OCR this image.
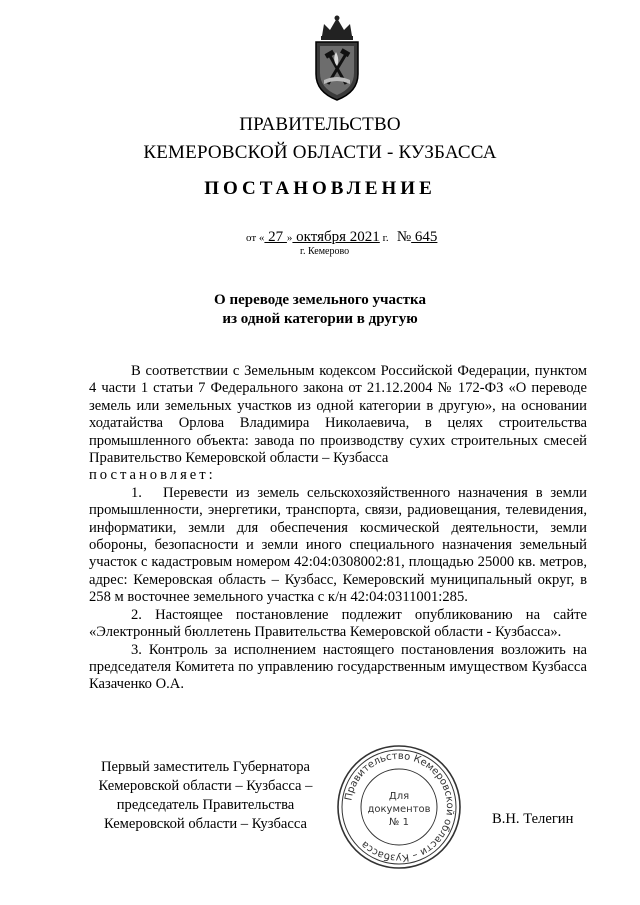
ПРАВИТЕЛЬСТВО
КЕМЕРОВСКОЙ ОБЛАСТИ - КУЗБАССА
ПОСТАНОВЛЕНИЕ
от « 27 » октября 2021 г. № 645
г. Кемерово
О переводе земельного участка
из одной категории в другую

В соответствии с Земельным кодексом Российской Федерации, пунктом 4 части 1 статьи 7 Федерального закона от 21.12.2004 № 172-ФЗ «О переводе земель или земельных участков из одной категории в другую», на основании ходатайства Орлова Владимира Николаевича, в целях строительства промышленного объекта: завода по производству сухих строительных смесей Правительство Кемеровской области – Кузбасса

постановляет:

1. Перевести из земель сельскохозяйственного назначения в земли промышленности, энергетики, транспорта, связи, радиовещания, телевидения, информатики, земли для обеспечения космической деятельности, земли обороны, безопасности и земли иного специального назначения земельный участок с кадастровым номером 42:04:0308002:81, площадью 25000 кв. метров, адрес: Кемеровская область – Кузбасс, Кемеровский муниципальный округ, в 258 м восточнее земельного участка с к/н 42:04:0311001:285.

2. Настоящее постановление подлежит опубликованию на сайте «Электронный бюллетень Правительства Кемеровской области - Кузбасса».

3. Контроль за исполнением настоящего постановления возложить на председателя Комитета по управлению государственным имуществом Кузбасса Казаченко О.А.

Первый заместитель Губернатора
Кемеровской области – Кузбасса –
председатель Правительства
Кемеровской области – Кузбасса
Правительство Кемеровской области – Кузбасса
Для
документов
№ 1	В.Н. Телегин
